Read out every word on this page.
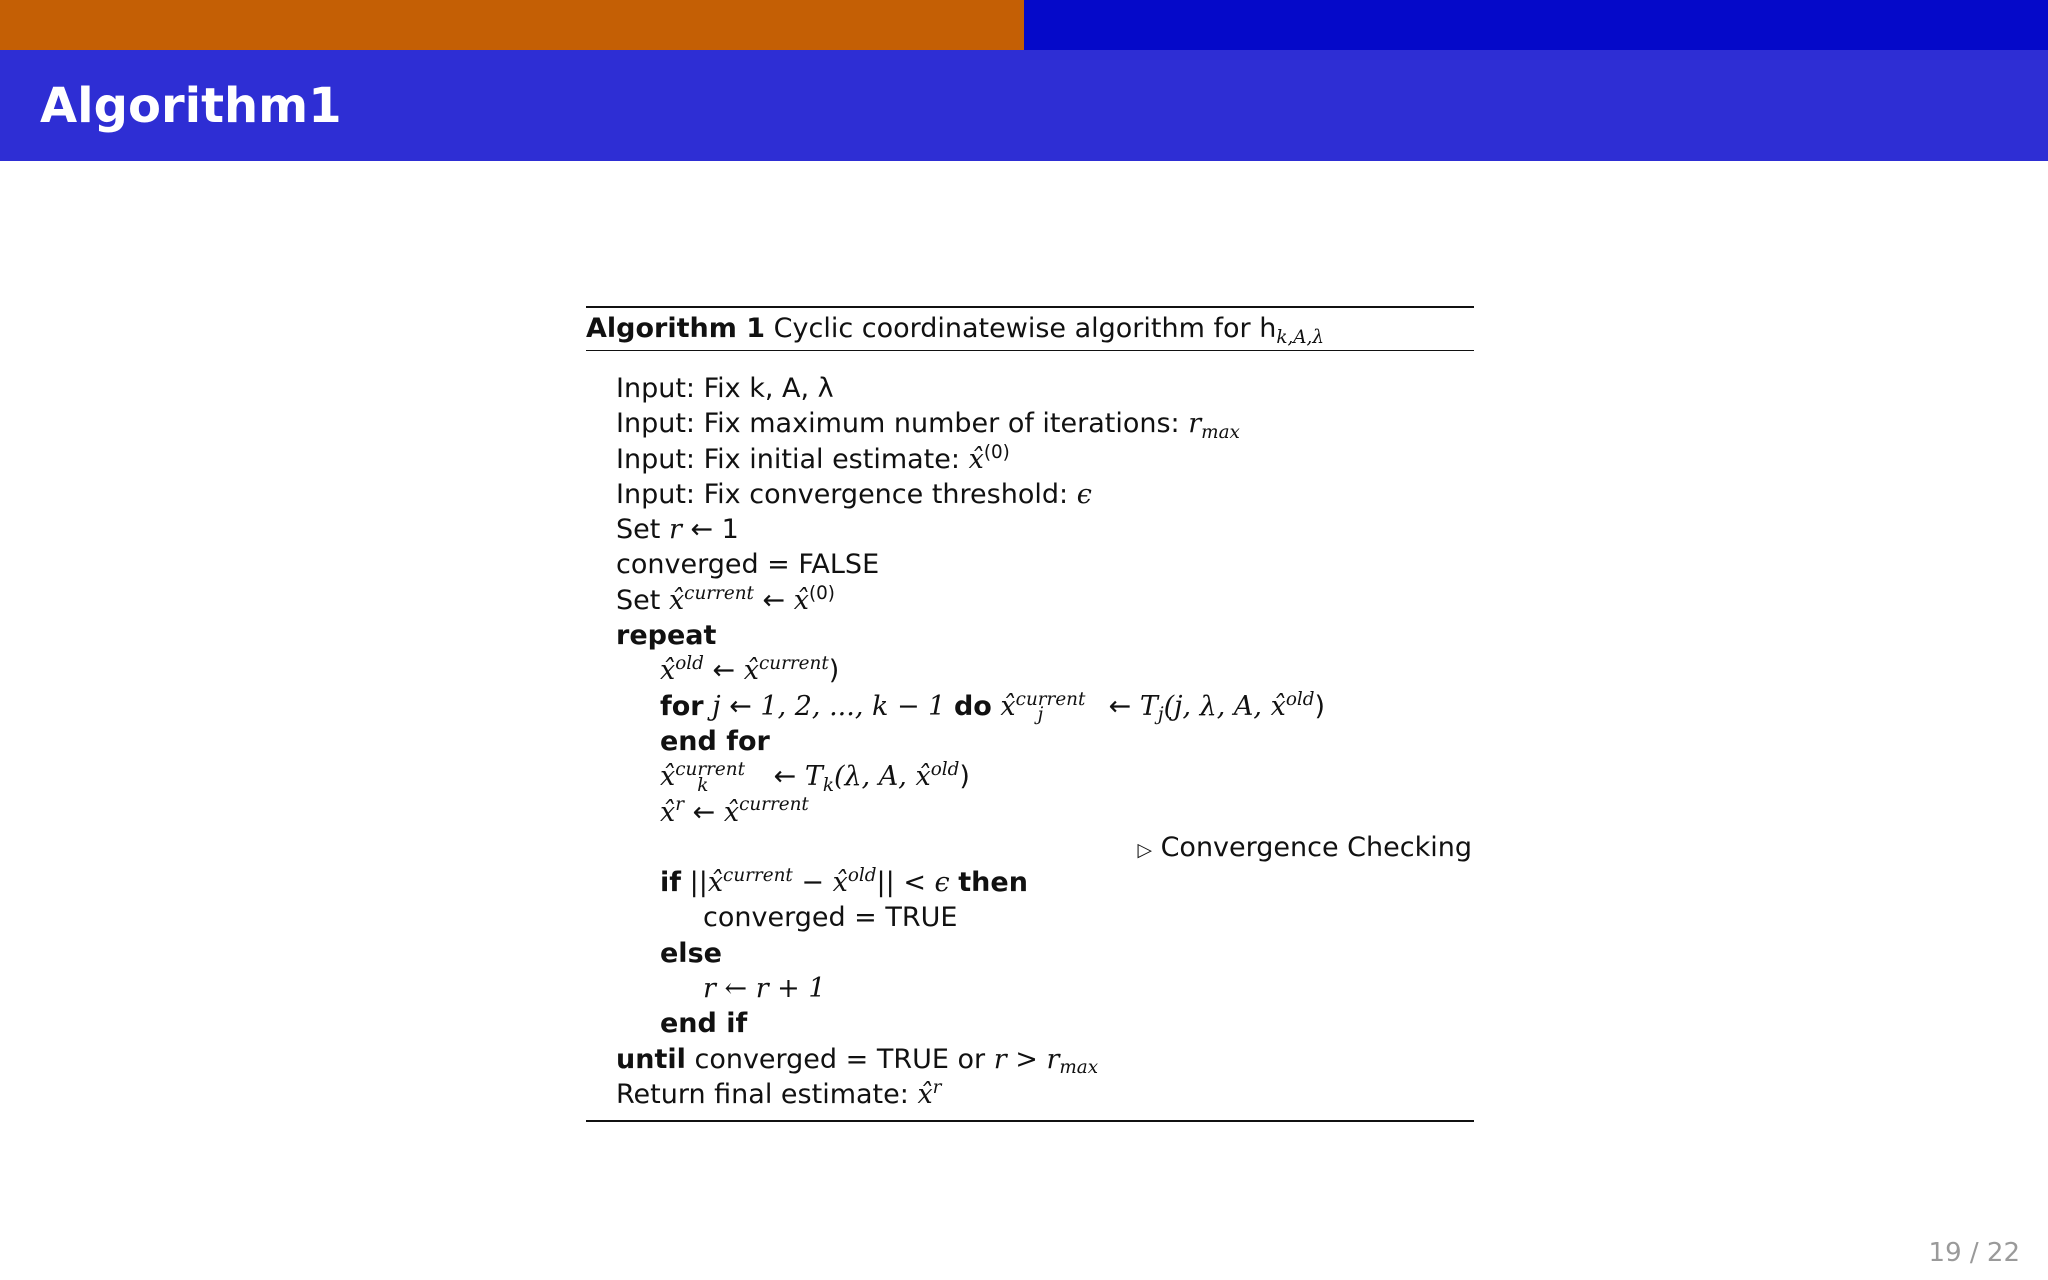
Algorithm1
Algorithm 1 Cyclic coordinatewise algorithm for $h_{k,A,\lambda}$
Input: Fix k, A, λ
Input: Fix maximum number of iterations: $r_{max}$
Input: Fix initial estimate: x̂$^{(0)}$
Input: Fix convergence threshold: ϵ
Set r ← 1
converged = FALSE
Set x̂$^{current}$ ← x̂$^{(0)}$
repeat
x̂$^{old}$ ← x̂$^{current}$)
for j ← 1, 2, ..., k − 1 do x̂$^{current}_j$ ← $T_j(j$, λ, A, x̂$^{old}$)
end for
x̂$^{current}_k$ ← $T_k(\lambda$, A, x̂$^{old}$)
x̂$^r$ ← x̂$^{current}$
▷ Convergence Checking
if ||x̂$^{current}$ − x̂$^{old}$|| < ϵ then
converged = TRUE
else
r ← r + 1
end if
until converged = TRUE or $r > r_{max}$
Return final estimate: x̂$^r$
19 / 22
